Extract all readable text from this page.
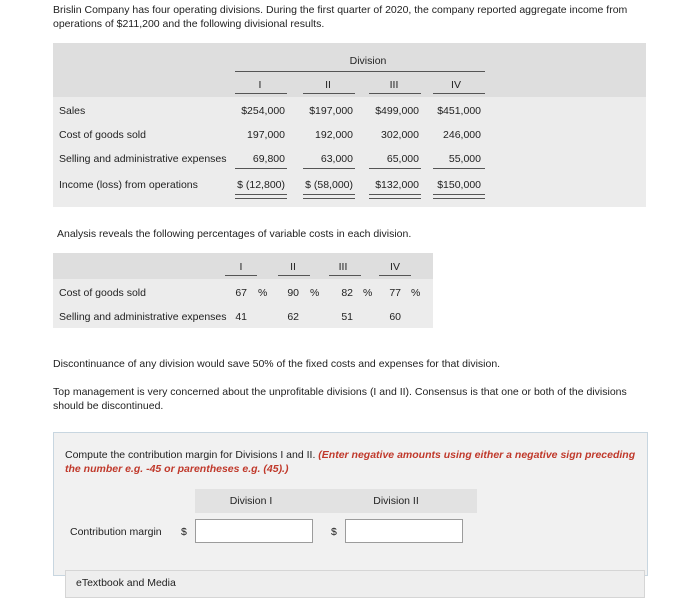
Brislin Company has four operating divisions. During the first quarter of 2020, the company reported aggregate income from operations of $211,200 and the following divisional results.
Division
I	II	III	IV
Sales	$254,000	$197,000	$499,000	$451,000
Cost of goods sold	197,000	192,000	302,000	246,000
Selling and administrative expenses	69,800	63,000	65,000	55,000
Income (loss) from operations	$ (12,800)	$ (58,000)	$132,000	$150,000
Analysis reveals the following percentages of variable costs in each division.
I	II	III	IV
Cost of goods sold	67 %	90 %	82 %	77 %
Selling and administrative expenses 41	62	51	60
Discontinuance of any division would save 50% of the fixed costs and expenses for that division.
Top management is very concerned about the unprofitable divisions (I and II). Consensus is that one or both of the divisions should be discontinued.
Compute the contribution margin for Divisions I and II. (Enter negative amounts using either a negative sign preceding the number e.g. -45 or parentheses e.g. (45).)
Division I	Division II
Contribution margin $	$
eTextbook and Media
